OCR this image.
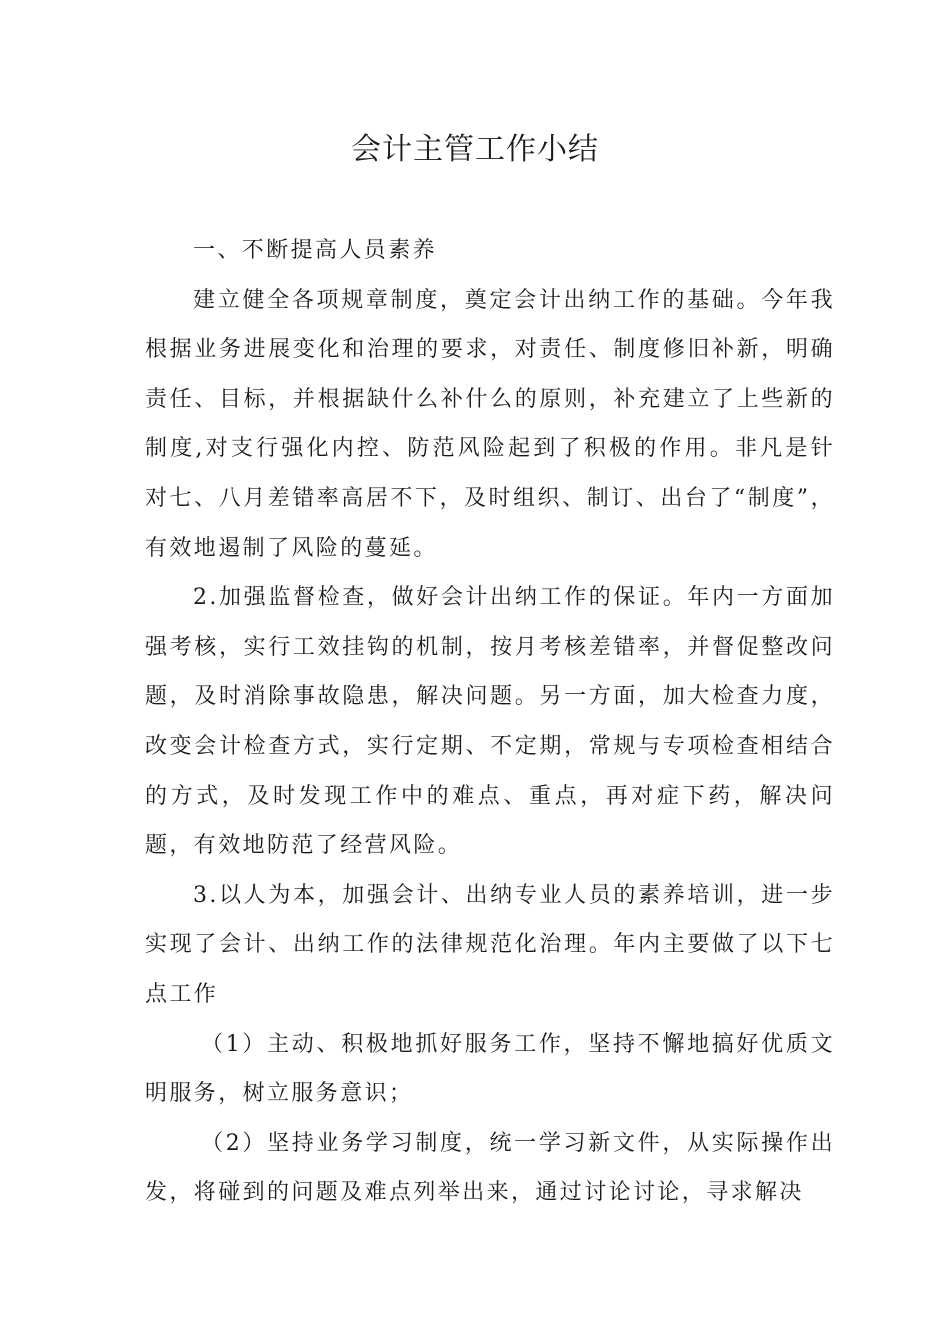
会计主管工作小结

一、不断提高人员素养

建立健全各项规章制度，奠定会计出纳工作的基础。今年我根据业务进展变化和治理的要求，对责任、制度修旧补新，明确责任、目标，并根据缺什么补什么的原则，补充建立了上些新的制度,对支行强化内控、防范风险起到了积极的作用。非凡是针对七、八月差错率高居不下，及时组织、制订、出台了“制度”，有效地遏制了风险的蔓延。

2.加强监督检查，做好会计出纳工作的保证。年内一方面加强考核，实行工效挂钩的机制，按月考核差错率，并督促整改问题，及时消除事故隐患，解决问题。另一方面，加大检查力度，改变会计检查方式，实行定期、不定期，常规与专项检查相结合的方式，及时发现工作中的难点、重点，再对症下药，解决问题，有效地防范了经营风险。

3.以人为本，加强会计、出纳专业人员的素养培训，进一步实现了会计、出纳工作的法律规范化治理。年内主要做了以下七点工作

（1）主动、积极地抓好服务工作，坚持不懈地搞好优质文明服务，树立服务意识；

（2）坚持业务学习制度，统一学习新文件，从实际操作出发，将碰到的问题及难点列举出来，通过讨论讨论，寻求解决
